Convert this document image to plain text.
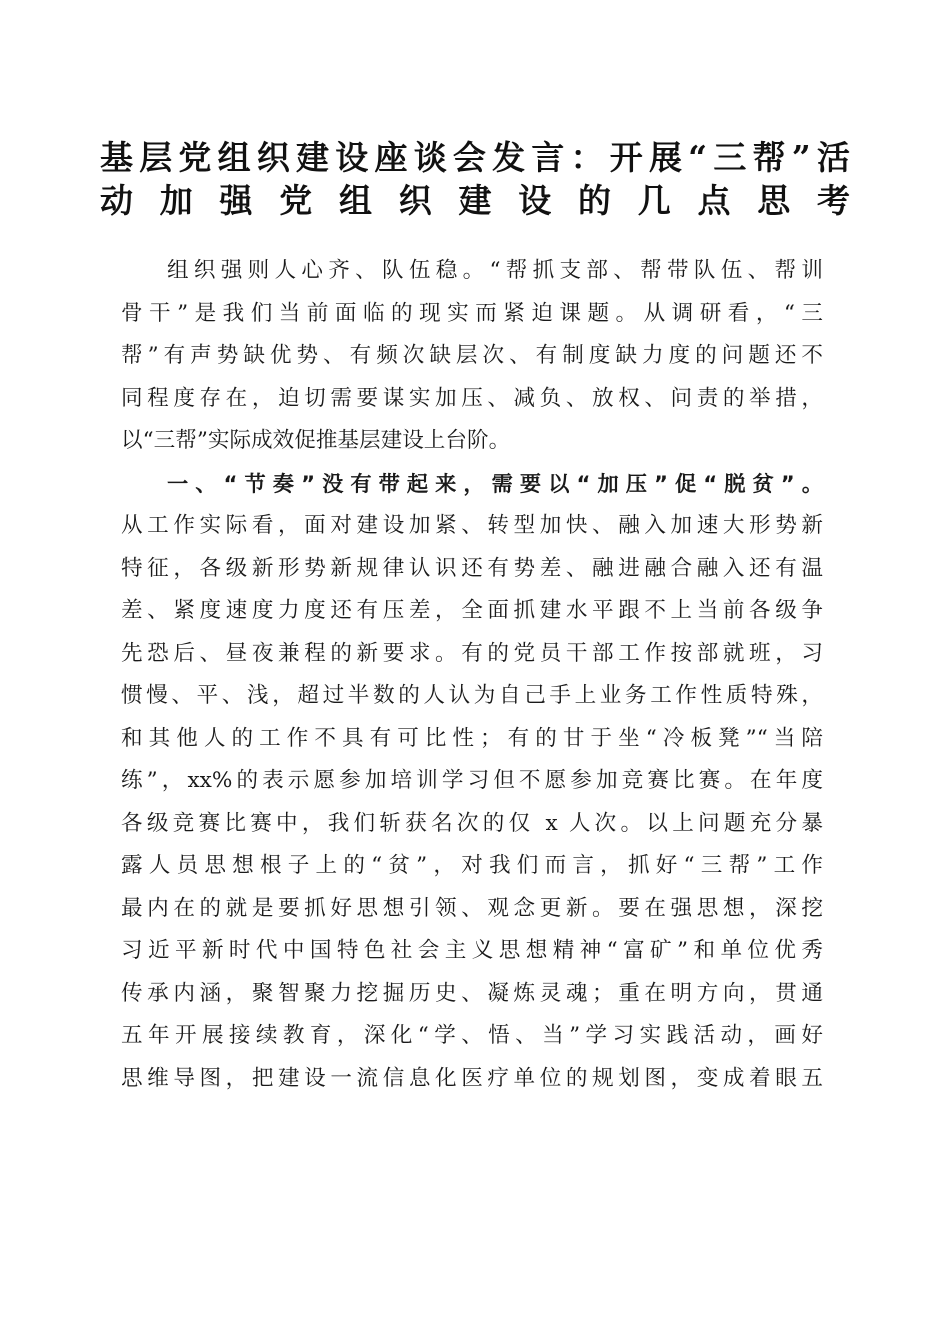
基层党组织建设座谈会发言：开展“三帮”活
动加强党组织建设的几点思考
组织强则人心齐、队伍稳。“帮抓支部、帮带队伍、帮训
骨干”是我们当前面临的现实而紧迫课题。从调研看，“三
帮”有声势缺优势、有频次缺层次、有制度缺力度的问题还不
同程度存在，迫切需要谋实加压、减负、放权、问责的举措，
以“三帮”实际成效促推基层建设上台阶。
一、“节奏”没有带起来，需要以“加压”促“脱贫”。
从工作实际看，面对建设加紧、转型加快、融入加速大形势新
特征，各级新形势新规律认识还有势差、融进融合融入还有温
差、紧度速度力度还有压差，全面抓建水平跟不上当前各级争
先恐后、昼夜兼程的新要求。有的党员干部工作按部就班，习
惯慢、平、浅，超过半数的人认为自己手上业务工作性质特殊，
和其他人的工作不具有可比性；有的甘于坐“冷板凳”“当陪
练”，xx%的表示愿参加培训学习但不愿参加竞赛比赛。在年度
各级竞赛比赛中，我们斩获名次的仅 x 人次。以上问题充分暴
露人员思想根子上的“贫”，对我们而言，抓好“三帮”工作
最内在的就是要抓好思想引领、观念更新。要在强思想，深挖
习近平新时代中国特色社会主义思想精神“富矿”和单位优秀
传承内涵，聚智聚力挖掘历史、凝炼灵魂；重在明方向，贯通
五年开展接续教育，深化“学、悟、当”学习实践活动，画好
思维导图，把建设一流信息化医疗单位的规划图，变成着眼五
